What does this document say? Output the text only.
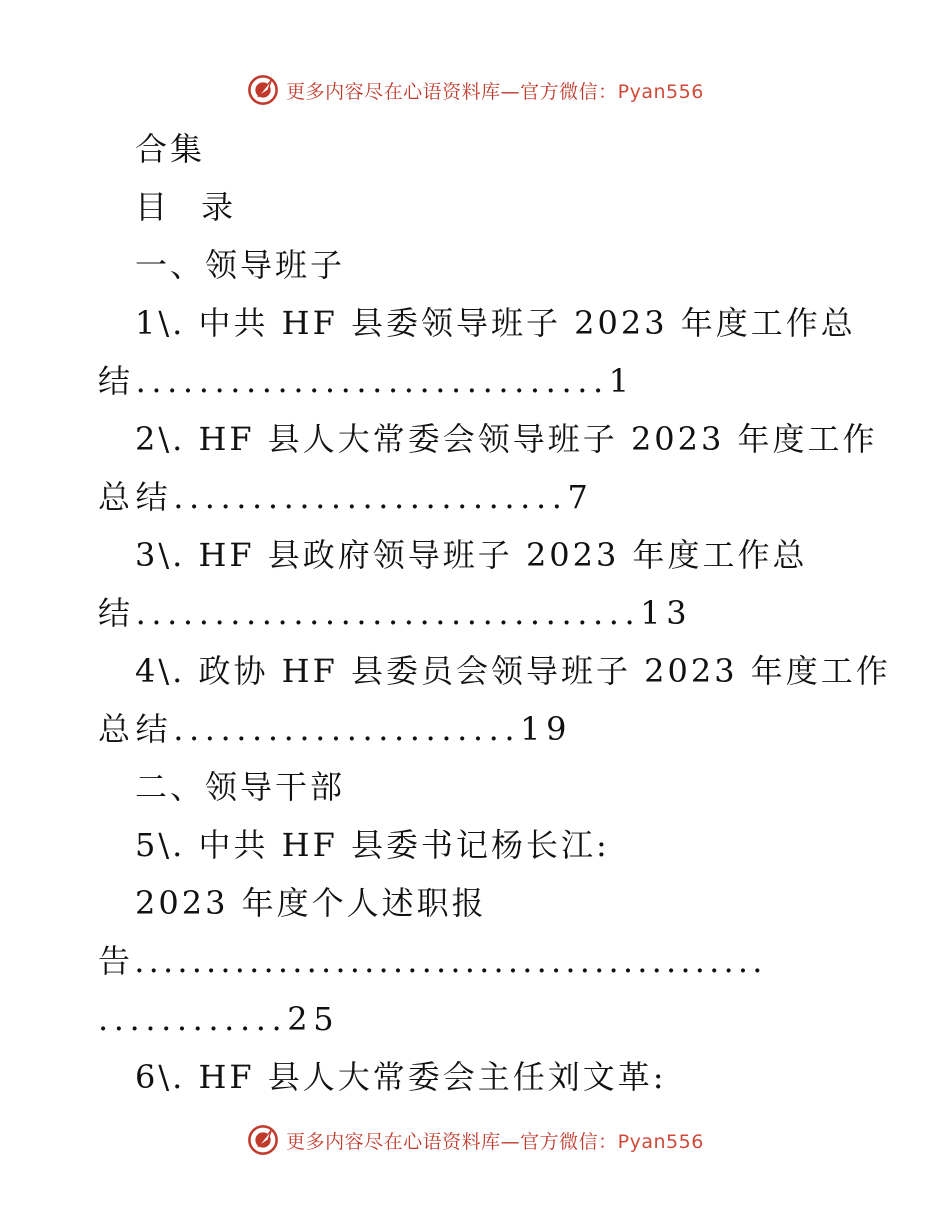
更多内容尽在心语资料库—官方微信：Pyan556
合集
目 录
一、领导班子
1\. 中共 HF 县委领导班子 2023 年度工作总
结..............................1
2\. HF 县人大常委会领导班子 2023 年度工作
总结.........................7
3\. HF 县政府领导班子 2023 年度工作总
结................................13
4\. 政协 HF 县委员会领导班子 2023 年度工作
总结......................19
二、领导干部
5\. 中共 HF 县委书记杨长江:
2023 年度个人述职报
告............................................
............25
6\. HF 县人大常委会主任刘文革:
更多内容尽在心语资料库—官方微信：Pyan556
